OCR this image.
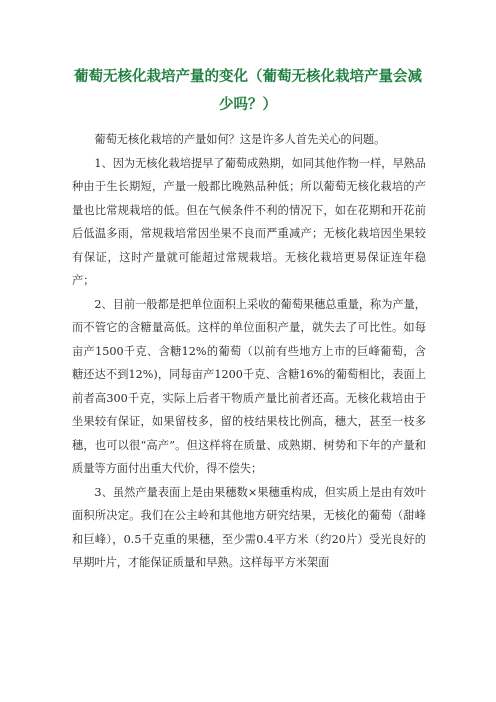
葡萄无核化栽培产量的变化（葡萄无核化栽培产量会减少吗？）

葡萄无核化栽培的产量如何？这是许多人首先关心的问题。

1、因为无核化栽培提早了葡萄成熟期，如同其他作物一样，早熟品种由于生长期短，产量一般都比晚熟品种低；所以葡萄无核化栽培的产量也比常规栽培的低。但在气候条件不利的情况下，如在花期和开花前后低温多雨，常规栽培常因坐果不良而严重减产；无核化栽培因坐果较有保证，这时产量就可能超过常规栽培。无核化栽培更易保证连年稳产；

2、目前一般都是把单位面积上采收的葡萄果穗总重量，称为产量，而不管它的含糖量高低。这样的单位面积产量，就失去了可比性。如每亩产1500千克、含糖12%的葡萄（以前有些地方上市的巨峰葡萄，含糖还达不到12%)，同每亩产1200千克、含糖16%的葡萄相比，表面上前者高300千克，实际上后者干物质产量比前者还高。无核化栽培由于坐果较有保证，如果留枝多，留的枝结果枝比例高，穗大，甚至一枝多穗，也可以很“高产”。但这样将在质量、成熟期、树势和下年的产量和质量等方面付出重大代价，得不偿失；

3、虽然产量表面上是由果穗数×果穗重构成，但实质上是由有效叶面积所决定。我们在公主岭和其他地方研究结果，无核化的葡萄（甜峰和巨峰），0.5千克重的果穗，至少需0.4平方米（约20片）受光良好的早期叶片，才能保证质量和早熟。这样每平方米架面
